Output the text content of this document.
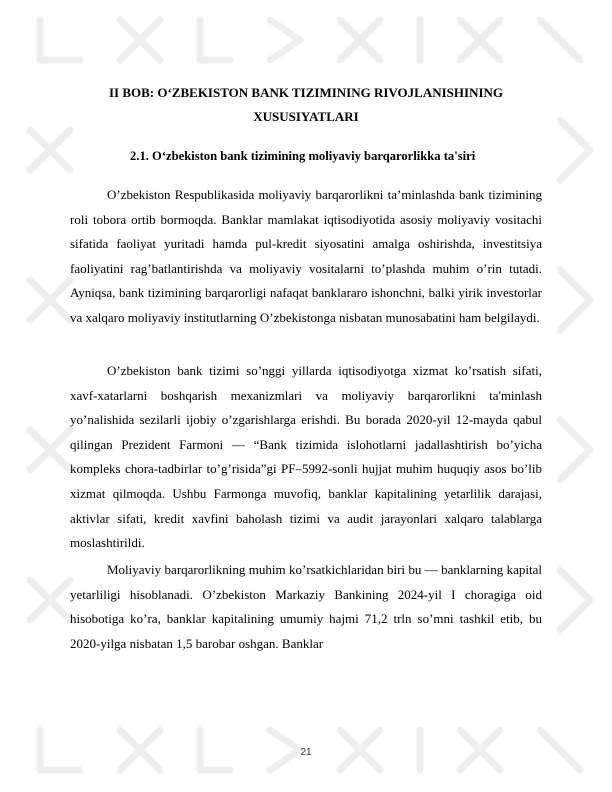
II BOB: O‘ZBEKISTON BANK TIZIMINING RIVOJLANISHINING XUSUSIYATLARI
2.1. O‘zbekiston bank tizimining moliyaviy barqarorlikka ta'siri

O’zbekiston Respublikasida moliyaviy barqarorlikni ta’minlashda bank tizimining roli tobora ortib bormoqda. Banklar mamlakat iqtisodiyotida asosiy moliyaviy vositachi sifatida faoliyat yuritadi hamda pul-kredit siyosatini amalga oshirishda, investitsiya faoliyatini rag’batlantirishda va moliyaviy vositalarni to’plashda muhim o’rin tutadi. Ayniqsa, bank tizimining barqarorligi nafaqat banklararo ishonchni, balki yirik investorlar va xalqaro moliyaviy institutlarning O’zbekistonga nisbatan munosabatini ham belgilaydi.

O’zbekiston bank tizimi so’nggi yillarda iqtisodiyotga xizmat ko’rsatish sifati, xavf-xatarlarni boshqarish mexanizmlari va moliyaviy barqarorlikni ta'minlash yo’nalishida sezilarli ijobiy o’zgarishlarga erishdi. Bu borada 2020-yil 12-mayda qabul qilingan Prezident Farmoni — “Bank tizimida islohotlarni jadallashtirish bo’yicha kompleks chora-tadbirlar to’g’risida”gi PF–5992-sonli hujjat muhim huquqiy asos bo’lib xizmat qilmoqda. Ushbu Farmonga muvofiq, banklar kapitalining yetarlilik darajasi, aktivlar sifati, kredit xavfini baholash tizimi va audit jarayonlari xalqaro talablarga moslashtirildi.

Moliyaviy barqarorlikning muhim ko’rsatkichlaridan biri bu — banklarning kapital yetarliligi hisoblanadi. O’zbekiston Markaziy Bankining 2024-yil I choragiga oid hisobotiga ko’ra, banklar kapitalining umumiy hajmi 71,2 trln so’mni tashkil etib, bu 2020-yilga nisbatan 1,5 barobar oshgan. Banklar

21
